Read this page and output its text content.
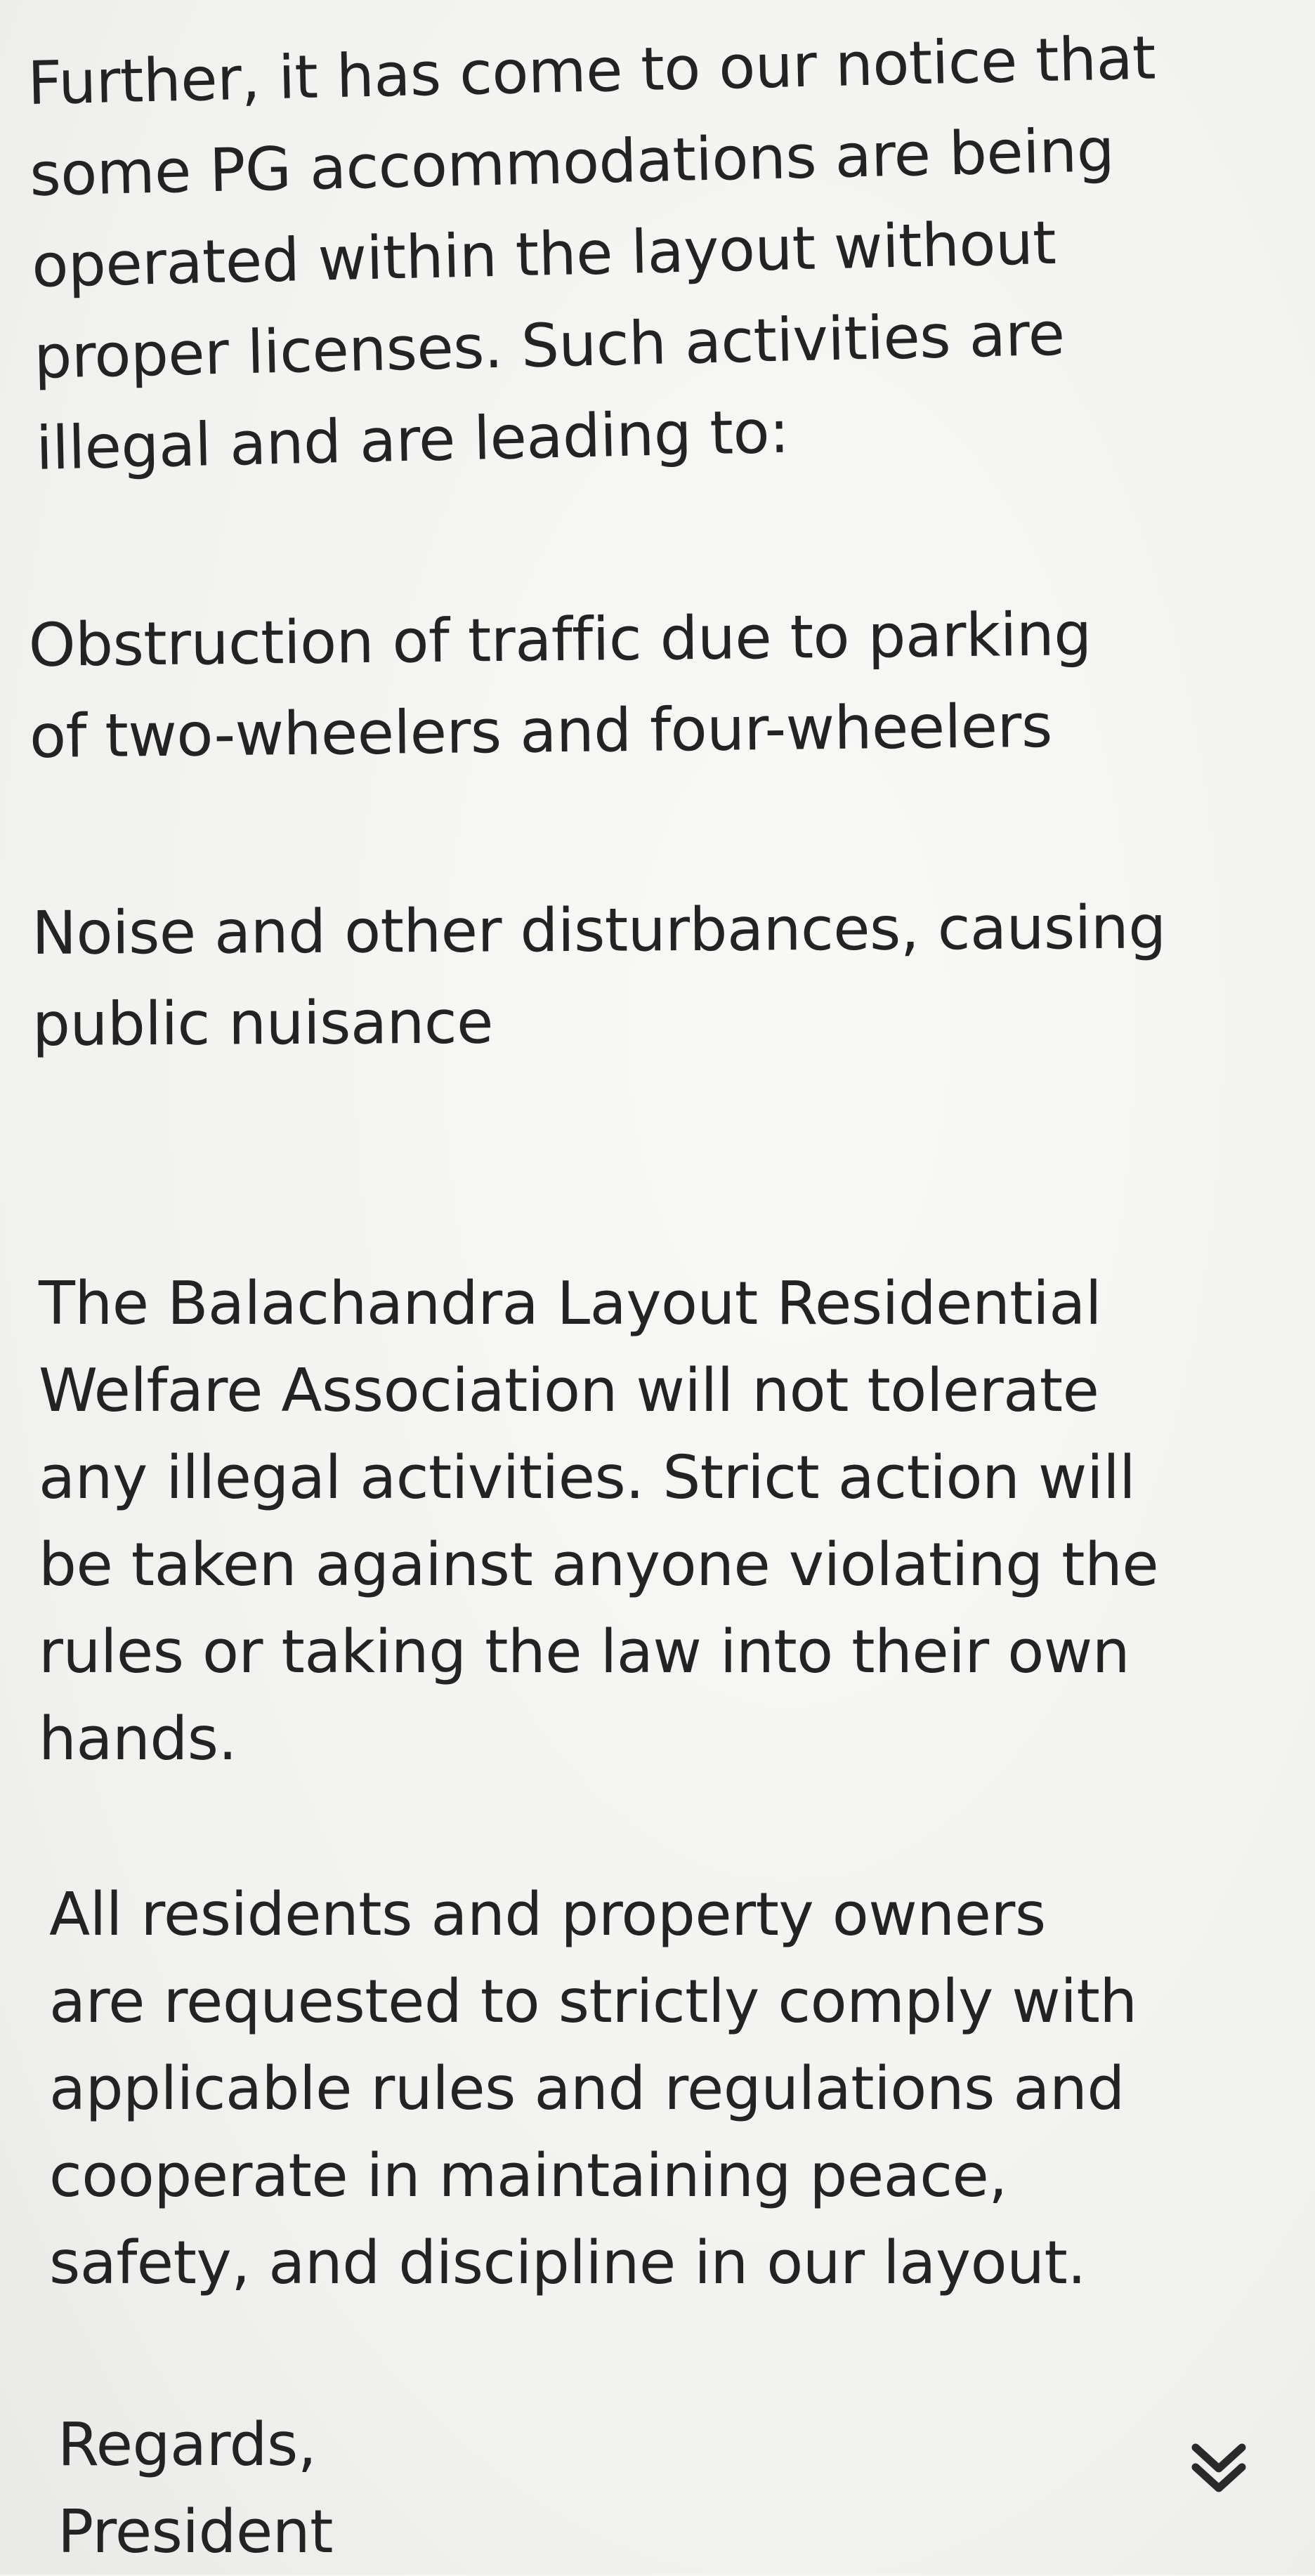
Further, it has come to our notice that
some PG accommodations are being
operated within the layout without
proper licenses. Such activities are
illegal and are leading to:

Obstruction of traffic due to parking
of two-wheelers and four-wheelers

Noise and other disturbances, causing
public nuisance

The Balachandra Layout Residential
Welfare Association will not tolerate
any illegal activities. Strict action will
be taken against anyone violating the
rules or taking the law into their own
hands.

All residents and property owners
are requested to strictly comply with
applicable rules and regulations and
cooperate in maintaining peace,
safety, and discipline in our layout.

Regards,
President
